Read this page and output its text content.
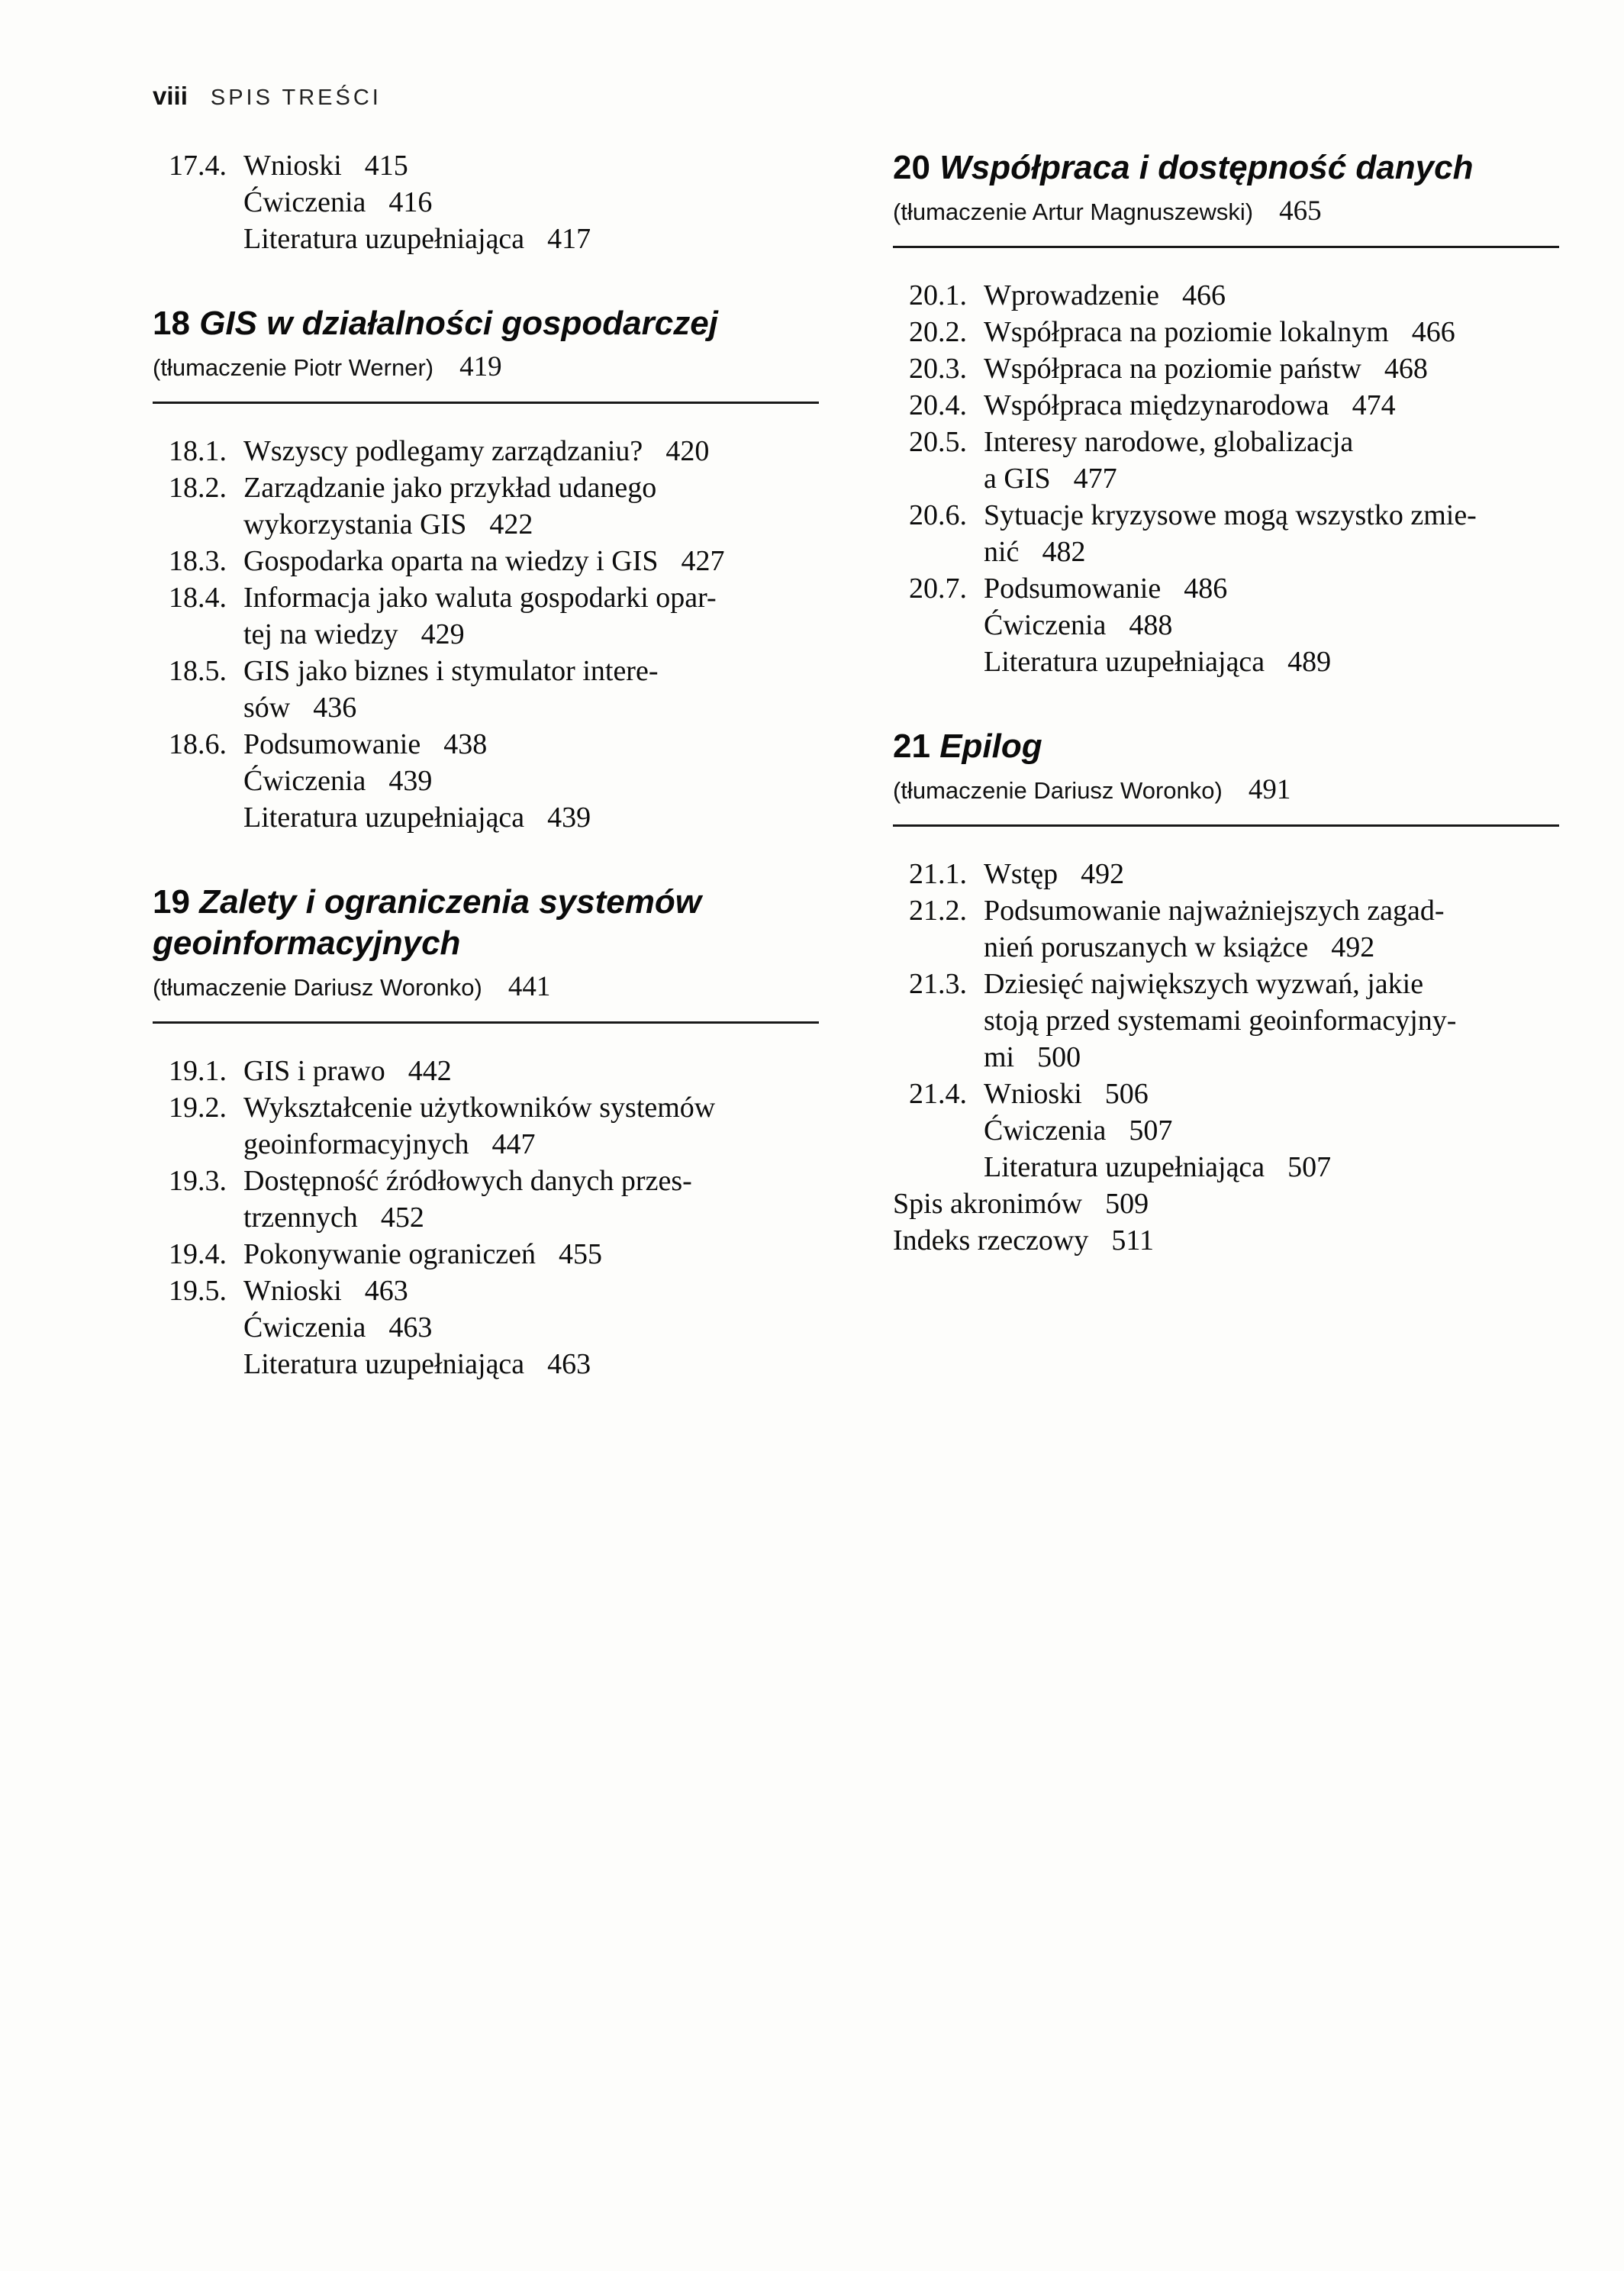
viii SPIS TREŚCI
17.4. Wnioski 415
Ćwiczenia 416
Literatura uzupełniająca 417
18 GIS w działalności gospodarczej

(tłumaczenie Piotr Werner) 419

18.1. Wszyscy podlegamy zarządzaniu? 420
18.2. Zarządzanie jako przykład udanego
wykorzystania GIS 422
18.3. Gospodarka oparta na wiedzy i GIS 427
18.4. Informacja jako waluta gospodarki opar-
tej na wiedzy 429
18.5. GIS jako biznes i stymulator intere-
sów 436
18.6. Podsumowanie 438
Ćwiczenia 439
Literatura uzupełniająca 439
19 Zalety i ograniczenia systemów
geoinformacyjnych

(tłumaczenie Dariusz Woronko) 441

19.1. GIS i prawo 442
19.2. Wykształcenie użytkowników systemów
geoinformacyjnych 447
19.3. Dostępność źródłowych danych przes-
trzennych 452
19.4. Pokonywanie ograniczeń 455
19.5. Wnioski 463
Ćwiczenia 463
Literatura uzupełniająca 463
20 Współpraca i dostępność danych

(tłumaczenie Artur Magnuszewski) 465

20.1. Wprowadzenie 466
20.2. Współpraca na poziomie lokalnym 466
20.3. Współpraca na poziomie państw 468
20.4. Współpraca międzynarodowa 474
20.5. Interesy narodowe, globalizacja
a GIS 477
20.6. Sytuacje kryzysowe mogą wszystko zmie-
nić 482
20.7. Podsumowanie 486
Ćwiczenia 488
Literatura uzupełniająca 489
21 Epilog

(tłumaczenie Dariusz Woronko) 491

21.1. Wstęp 492
21.2. Podsumowanie najważniejszych zagad-
nień poruszanych w książce 492
21.3. Dziesięć największych wyzwań, jakie
stoją przed systemami geoinformacyjny-
mi 500
21.4. Wnioski 506
Ćwiczenia 507
Literatura uzupełniająca 507
Spis akronimów 509
Indeks rzeczowy 511
